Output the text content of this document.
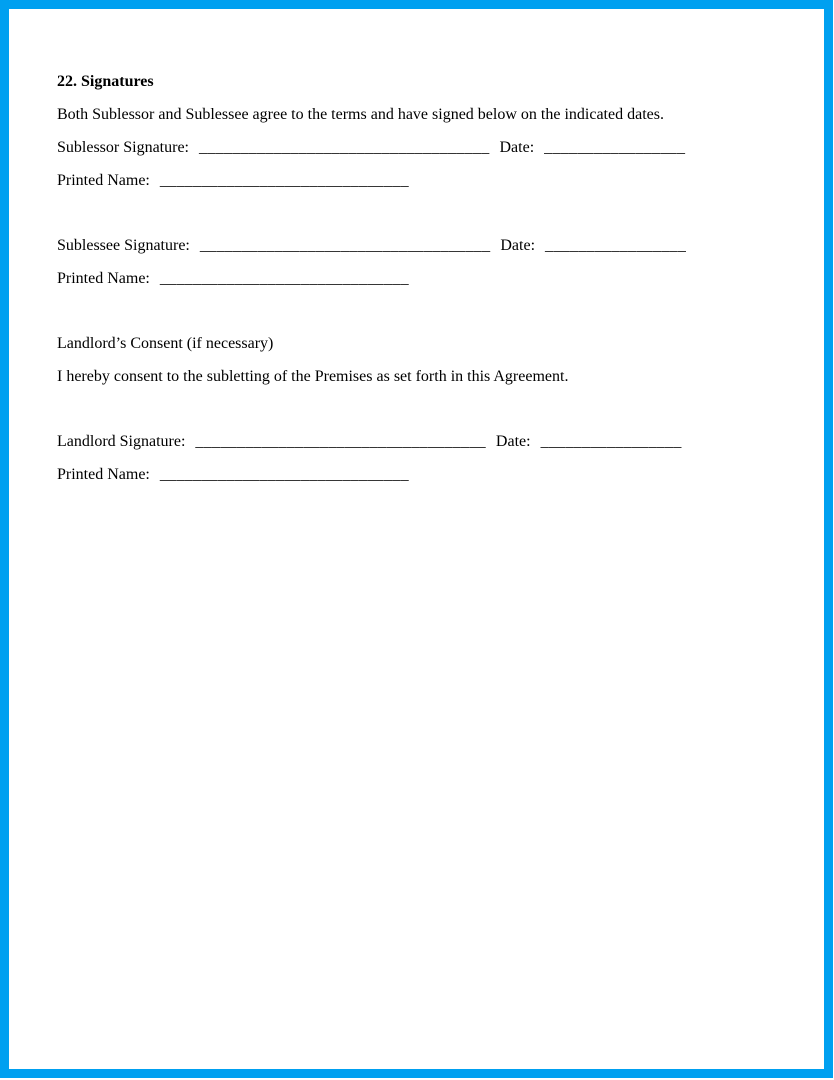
22. Signatures

Both Sublessor and Sublessee agree to the terms and have signed below on the indicated dates.

Sublessor Signature: ___________________________________ Date: _________________

Printed Name: ______________________________

Sublessee Signature: ___________________________________ Date: _________________

Printed Name: ______________________________

Landlord’s Consent (if necessary)

I hereby consent to the subletting of the Premises as set forth in this Agreement.

Landlord Signature: ___________________________________ Date: _________________

Printed Name: ______________________________
